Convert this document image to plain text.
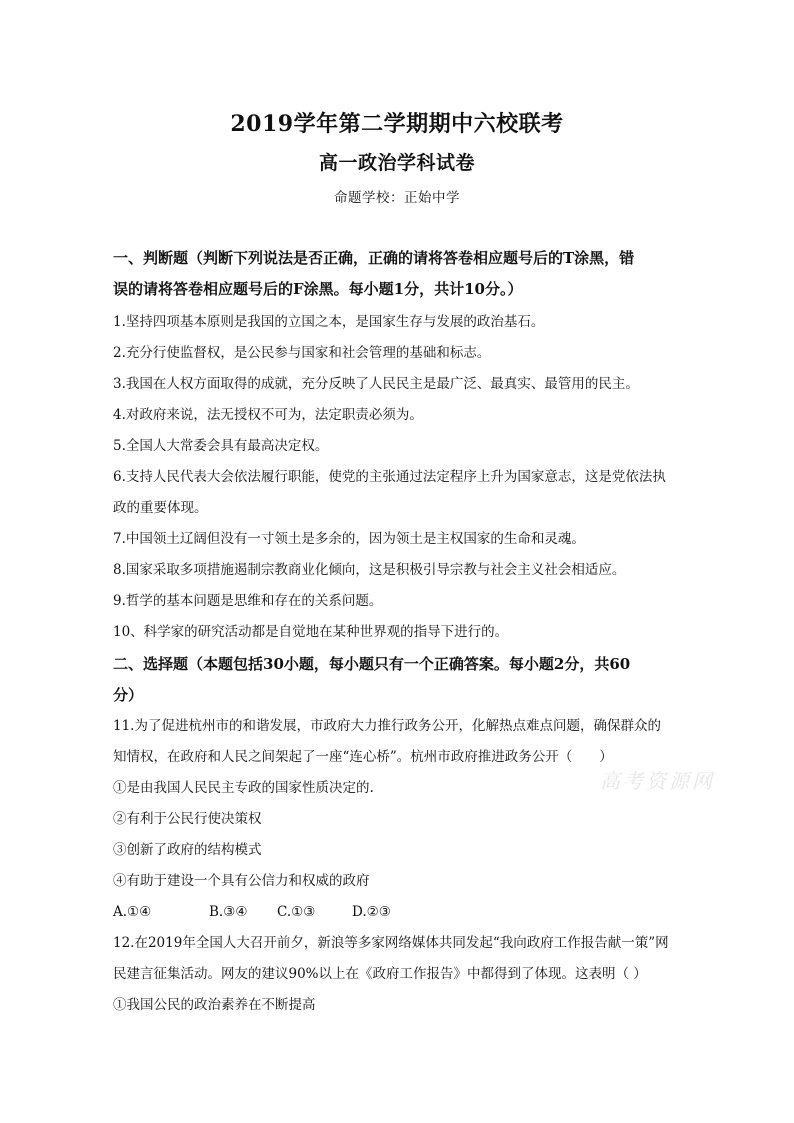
2019学年第二学期期中六校联考
高一政治学科试卷
命题学校：正始中学
一、判断题（判断下列说法是否正确，正确的请将答卷相应题号后的T涂黑，错
误的请将答卷相应题号后的F涂黑。每小题1分，共计10分。）
1.坚持四项基本原则是我国的立国之本，是国家生存与发展的政治基石。
2.充分行使监督权，是公民参与国家和社会管理的基础和标志。
3.我国在人权方面取得的成就，充分反映了人民民主是最广泛、最真实、最管用的民主。
4.对政府来说，法无授权不可为，法定职责必须为。
5.全国人大常委会具有最高决定权。
6.支持人民代表大会依法履行职能，使党的主张通过法定程序上升为国家意志，这是党依法执
政的重要体现。
7.中国领土辽阔但没有一寸领土是多余的，因为领土是主权国家的生命和灵魂。
8.国家采取多项措施遏制宗教商业化倾向，这是积极引导宗教与社会主义社会相适应。
9.哲学的基本问题是思维和存在的关系问题。
10、科学家的研究活动都是自觉地在某种世界观的指导下进行的。
二、选择题（本题包括30小题，每小题只有一个正确答案。每小题2分，共60
分）
11.为了促进杭州市的和谐发展，市政府大力推行政务公开，化解热点难点问题，确保群众的
知情权，在政府和人民之间架起了一座“连心桥”。杭州市政府推进政务公开（　　）
①是由我国人民民主专政的国家性质决定的.
②有利于公民行使决策权
③创新了政府的结构模式
④有助于建设一个具有公信力和权威的政府
A.①④	B.③④ C.①③	D.②③
12.在2019年全国人大召开前夕，新浪等多家网络媒体共同发起“我向政府工作报告献一策”网
民建言征集活动。网友的建议90%以上在《政府工作报告》中都得到了体现。这表明（ ）
①我国公民的政治素养在不断提高
高考资源网
